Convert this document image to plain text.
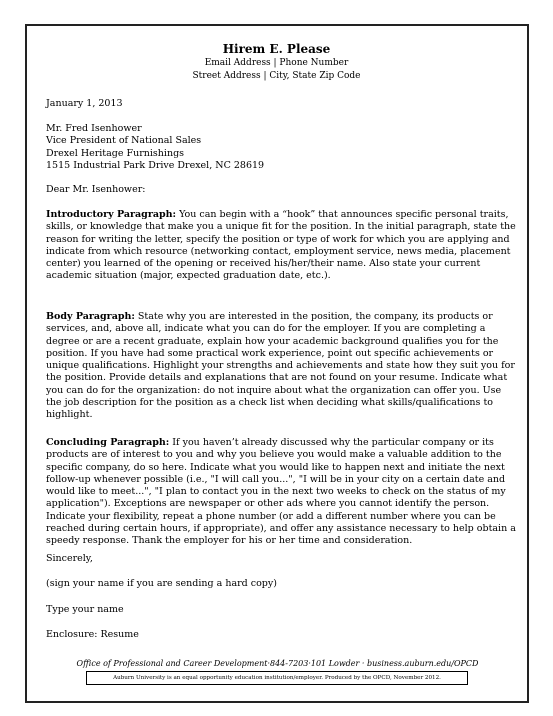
Hirem E. Please
Email Address | Phone Number
Street Address | City, State Zip Code
January 1, 2013
Mr. Fred Isenhower
Vice President of National Sales
Drexel Heritage Furnishings
1515 Industrial Park Drive Drexel, NC 28619
Dear Mr. Isenhower:
Introductory Paragraph: You can begin with a “hook” that announces specific personal traits, skills, or knowledge that make you a unique fit for the position. In the initial paragraph, state the reason for writing the letter, specify the position or type of work for which you are applying and indicate from which resource (networking contact, employment service, news media, placement center) you learned of the opening or received his/her/their name. Also state your current academic situation (major, expected graduation date, etc.).
Body Paragraph: State why you are interested in the position, the company, its products or services, and, above all, indicate what you can do for the employer. If you are completing a degree or are a recent graduate, explain how your academic background qualifies you for the position. If you have had some practical work experience, point out specific achievements or unique qualifications. Highlight your strengths and achievements and state how they suit you for the position. Provide details and explanations that are not found on your resume. Indicate what you can do for the organization: do not inquire about what the organization can offer you. Use the job description for the position as a check list when deciding what skills/qualifications to highlight.
Concluding Paragraph: If you haven’t already discussed why the particular company or its products are of interest to you and why you believe you would make a valuable addition to the specific company, do so here. Indicate what you would like to happen next and initiate the next follow-up whenever possible (i.e., "I will call you...", "I will be in your city on a certain date and would like to meet...", "I plan to contact you in the next two weeks to check on the status of my application"). Exceptions are newspaper or other ads where you cannot identify the person. Indicate your flexibility, repeat a phone number (or add a different number where you can be reached during certain hours, if appropriate), and offer any assistance necessary to help obtain a speedy response. Thank the employer for his or her time and consideration.
Sincerely,
(sign your name if you are sending a hard copy)
Type your name
Enclosure: Resume
Office of Professional and Career Development·844-7203·101 Lowder · business.auburn.edu/OPCD
Auburn University is an equal opportunity education institution/employer. Produced by the OPCD, November 2012.
